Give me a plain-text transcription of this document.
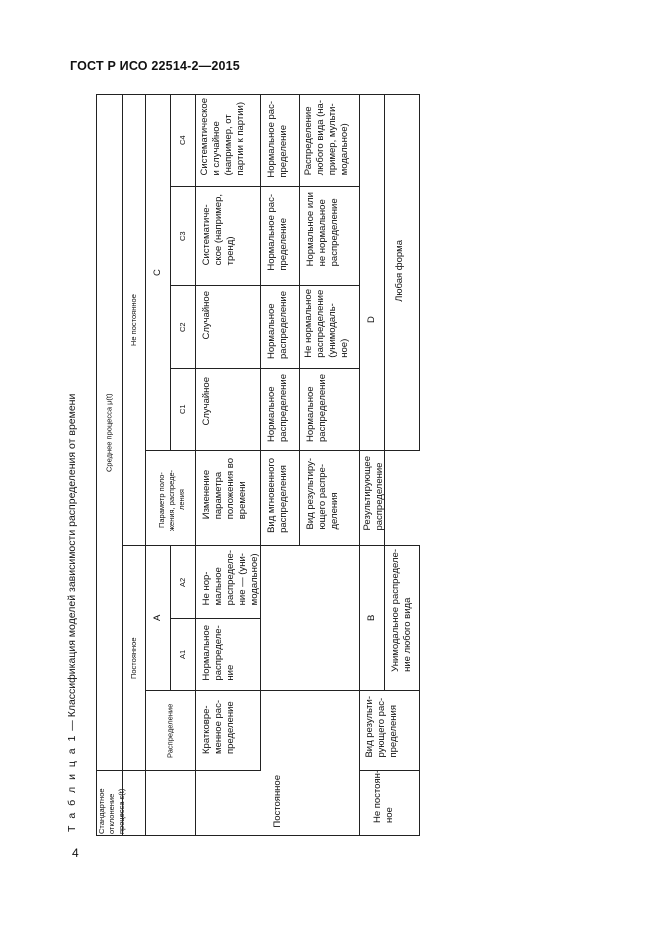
ГОСТ Р ИСО 22514-2—2015
Т а б л и ц а 1 — Классификация моделей зависимости распределения от времени
Стандартное
отклонение
процесса s(t)
Среднее процесса μ(t)
Постоянное
Не постоянное
Распределение
A
A1
A2
Параметр поло-
жения, распреде-
ления
C
C1
C2
C3
C4
Постоянное
Кратковре-
менное рас-
пределение
Нормальное
распределе-
ние
Не нор-
мальное
распределе-
ние — (уни-
модальное)
Изменение
параметра
положения во
времени
Случайное
Случайное
Систематиче-
ское (например,
тренд)
Систематическое
и случайное
(например, от
партии к партии)
Вид мгновенного
распределения
Нормальное
распределение
Нормальное
распределение
Нормальное рас-
пределение
Нормальное рас-
пределение
Вид результиру-
ющего распре-
деления
Нормальное
распределение
Не нормальное
распределение
(унимодаль-
ное)
Нормальное или
не нормальное
распределение
Распределение
любого вида (на-
пример, мульти-
модальное)
Не постоян-
ное
B
D
Вид результи-
рующего рас-
пределения
Унимодальное распределе-
ние любого вида
Результирующее
распределение
Любая форма
4
